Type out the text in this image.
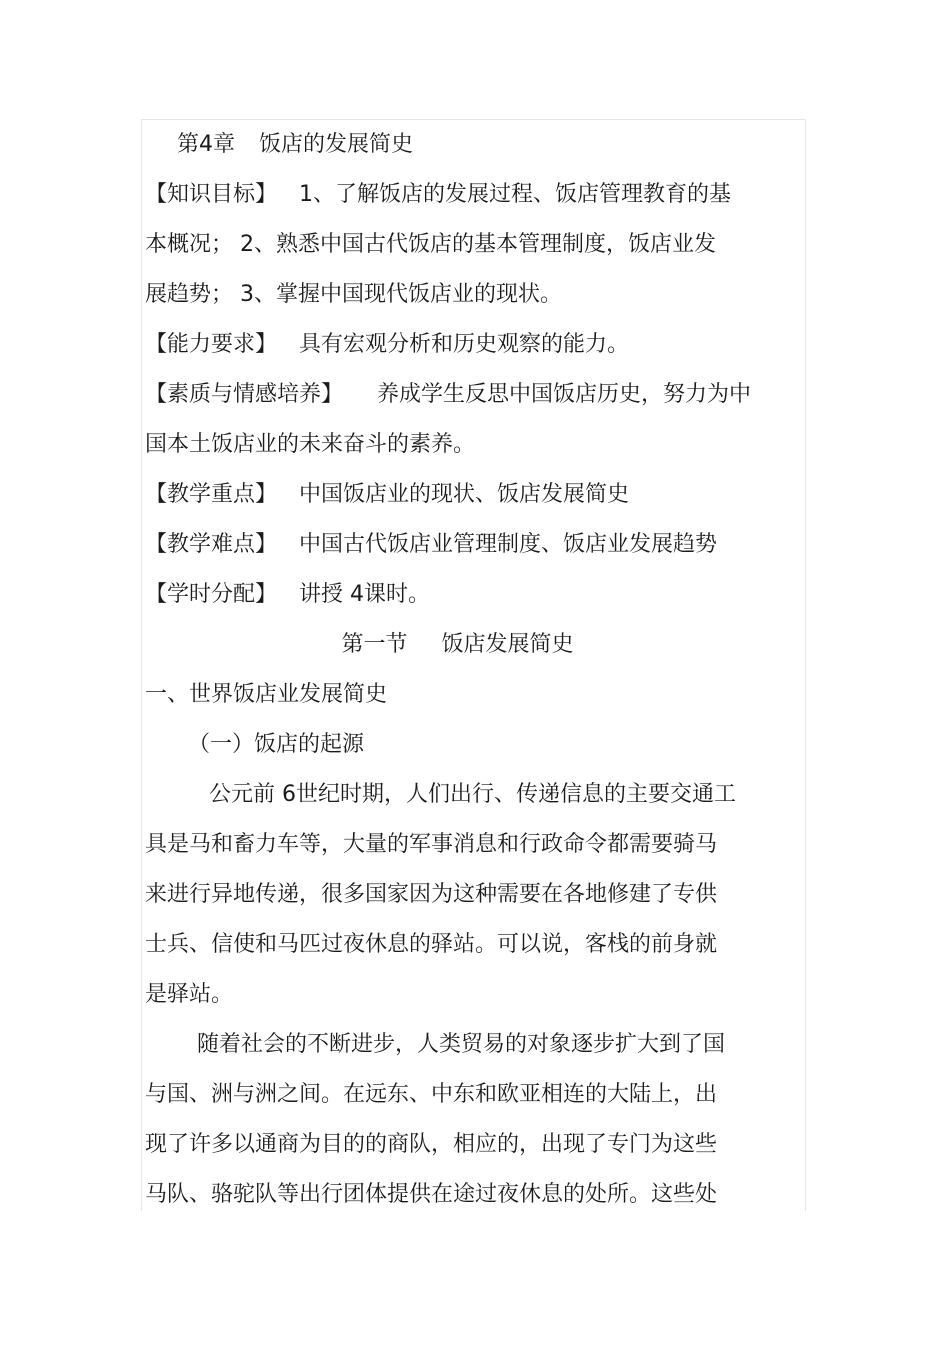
第4章 饭店的发展简史
【知识目标】 1、了解饭店的发展过程、饭店管理教育的基
本概况； 2、熟悉中国古代饭店的基本管理制度，饭店业发
展趋势； 3、掌握中国现代饭店业的现状。
【能力要求】 具有宏观分析和历史观察的能力。
【素质与情感培养】 养成学生反思中国饭店历史，努力为中
国本土饭店业的未来奋斗的素养。
【教学重点】 中国饭店业的现状、饭店发展简史
【教学难点】 中国古代饭店业管理制度、饭店业发展趋势
【学时分配】 讲授 4课时。
第一节 饭店发展简史
一、世界饭店业发展简史
（一）饭店的起源
公元前 6世纪时期，人们出行、传递信息的主要交通工
具是马和畜力车等，大量的军事消息和行政命令都需要骑马
来进行异地传递，很多国家因为这种需要在各地修建了专供
士兵、信使和马匹过夜休息的驿站。可以说，客栈的前身就
是驿站。
随着社会的不断进步，人类贸易的对象逐步扩大到了国
与国、洲与洲之间。在远东、中东和欧亚相连的大陆上，出
现了许多以通商为目的的商队，相应的，出现了专门为这些
马队、骆驼队等出行团体提供在途过夜休息的处所。这些处
